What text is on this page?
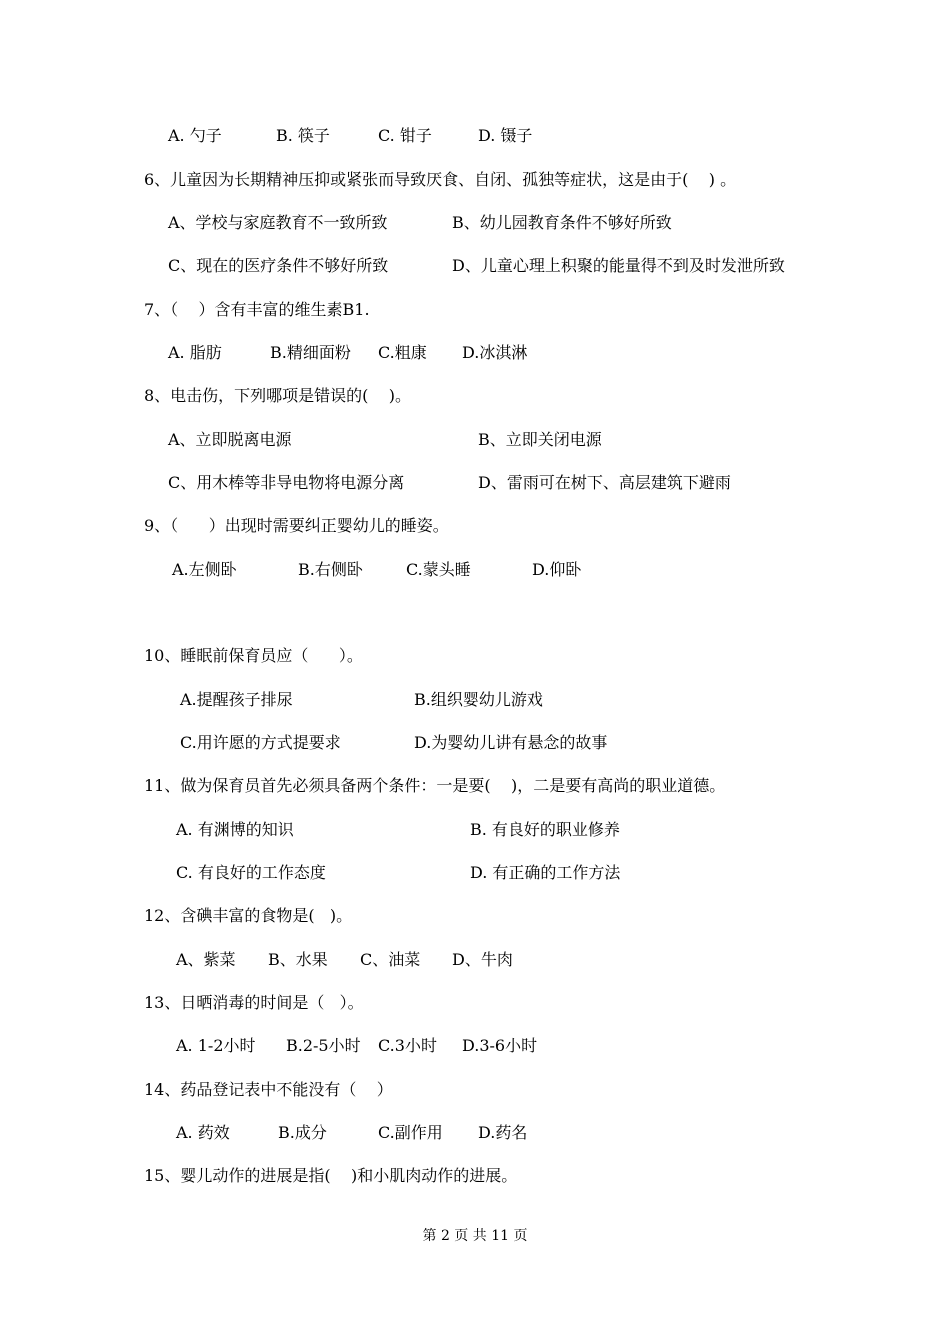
A. 勺子	B. 筷子	C. 钳子	D. 镊子
6、儿童因为长期精神压抑或紧张而导致厌食、自闭、孤独等症状，这是由于(    ) 。
A、学校与家庭教育不一致所致	B、幼儿园教育条件不够好所致
C、现在的医疗条件不够好所致	D、儿童心理上积聚的能量得不到及时发泄所致
7、（    ）含有丰富的维生素B1.
A. 脂肪	B.精细面粉 C.粗康 D.冰淇淋
8、电击伤，下列哪项是错误的(    )。
A、立即脱离电源	B、立即关闭电源
C、用木棒等非导电物将电源分离	D、雷雨可在树下、高层建筑下避雨
9、（      ）出现时需要纠正婴幼儿的睡姿。
A.左侧卧	B.右侧卧	C.蒙头睡	D.仰卧
10、睡眠前保育员应（      ）。
A.提醒孩子排尿	B.组织婴幼儿游戏
C.用许愿的方式提要求	D.为婴幼儿讲有悬念的故事
11、做为保育员首先必须具备两个条件：一是要(    )，二是要有高尚的职业道德。
A. 有渊博的知识	B. 有良好的职业修养
C. 有良好的工作态度	D. 有正确的工作方法
12、含碘丰富的食物是(   )。
A、紫菜 B、水果 C、油菜 D、牛肉
13、日晒消毒的时间是（   ）。
A. 1-2小时 B.2-5小时 C.3小时 D.3-6小时
14、药品登记表中不能没有（    ）
A. 药效	B.成分	C.副作用 D.药名
15、婴儿动作的进展是指(    )和小肌肉动作的进展。
第 2 页 共 11 页
